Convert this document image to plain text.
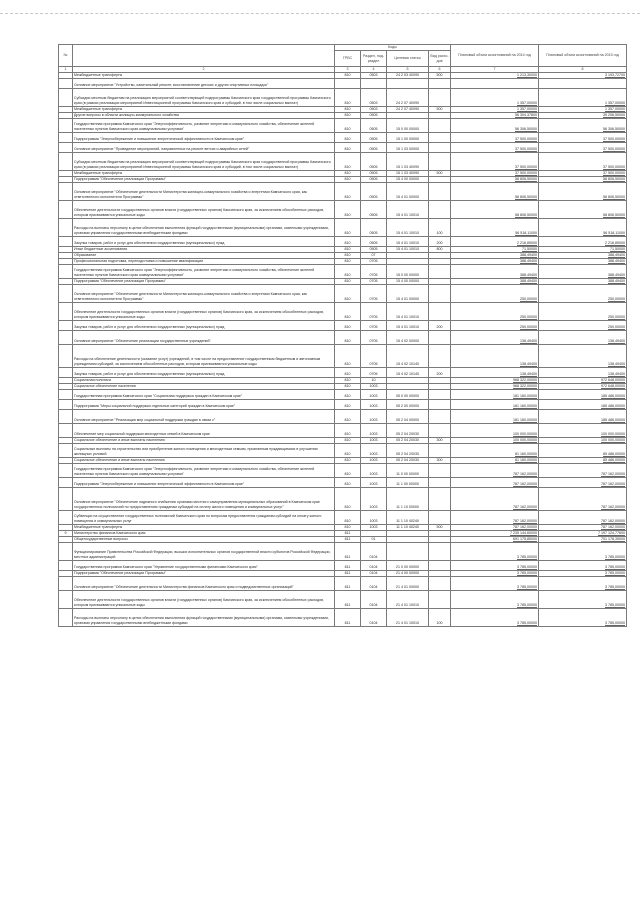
№		Коды				Плановый объем ассигнований на 2014 год	Плановый объем ассигнований на 2015 год
		ГРБС	Раздел, под-раздел	Целевая статья	Вид расхо-дов		
1	2	3	4	5	6	7	8
	Межбюджетные трансферты	810	0503	24 2 03 40090	500	1 213,30000	3 193,72700
	Основное мероприятие "Устройство, капитальный ремонт, восстановление детских и других спортивных площадок"						
	Субсидии местным бюджетам на реализацию мероприятий соответствующей подпрограммы Камчатского края государственной программы Камчатского края (в рамках реализации мероприятий Инвестиционной программы Камчатского края и субсидий, в том числе социальных выплат)	810	0503	24 2 07 40090		1 357,00000	1 357,00000
	Межбюджетные трансферты	810	0503	24 2 07 40090	500	1 357,00000	1 357,00000
	Другие вопросы в области жилищно-коммунального хозяйства	810	0505			56 304,37800	39 206,50000
	Государственная программа Камчатского края "Энергоэффективность, развитие энергетики и коммунального хозяйства, обеспечение жителей населенных пунктов Камчатского края коммунальными услугами"	810	0505	15 0 00 00000		56 306,50000	56 306,50000
	Подпрограмма "Энергосбережение и повышение энергетической эффективности в Камчатском крае"	810	0505	15 1 00 00000		37 500,00000	37 500,00000
	Основное мероприятие "Проведение мероприятий, направленных на ремонт ветхих и аварийных сетей"	810	0505	15 1 03 00000		37 500,00000	37 500,00000
	Субсидии местным бюджетам на реализацию мероприятий соответствующей подпрограммы Камчатского края государственной программы Камчатского края (в рамках реализации мероприятий Инвестиционной программы Камчатского края и субсидий, в том числе социальных выплат)	810	0505	15 1 03 40090		37 500,00000	37 500,00000
	Межбюджетные трансферты	810	0505	15 1 03 40090	500	37 500,00000	37 500,00000
	Подпрограмма "Обеспечение реализации Программы"	810	0505	15 4 00 00000		58 806,50000	58 806,50000
	Основное мероприятие "Обеспечение деятельности Министерства жилищно-коммунального хозяйства и энергетики Камчатского края, как ответственного исполнителя Программы"	810	0505	15 4 01 00000		58 806,50000	58 806,50000
	Обеспечение деятельности государственных органов власти (государственных органов) Камчатского края, за исключением обособленных расходов, которым присваиваются уникальные коды	810	0505	15 4 01 10010		58 806,50000	58 806,50000
	Расходы на выплаты персоналу в целях обеспечения выполнения функций государственными (муниципальными) органами, казенными учреждениями, органами управления государственными внебюджетными фондами	810	0505	15 4 01 10010	100	56 518,11000	56 518,11000
	Закупка товаров, работ и услуг для обеспечения государственных (муниципальных) нужд	810	0505	15 4 01 10010	200	2 216,89000	2 216,89000
	Иные бюджетные ассигнования	810	0505	15 4 01 10010	800	71,50000	71,50000
	Образование	810	07			388,49400	388,49400
	Профессиональная подготовка, переподготовка и повышение квалификации	810	0705			388,49400	388,49400
	Государственная программа Камчатского края "Энергоэффективность, развитие энергетики и коммунального хозяйства, обеспечение жителей населенных пунктов Камчатского края коммунальными услугами"	810	0705	15 0 00 00000		388,49400	388,49400
	Подпрограмма "Обеспечение реализации Программы"	810	0705	15 4 00 00000		388,49400	388,49400
	Основное мероприятие "Обеспечение деятельности Министерства жилищно-коммунального хозяйства и энергетики Камчатского края, как ответственного исполнителя Программы"	810	0705	15 4 01 00000		250,00000	250,00000
	Обеспечение деятельности государственных органов власти (государственных органов) Камчатского края, за исключением обособленных расходов, которым присваиваются уникальные коды	810	0705	15 4 01 10010		250,00000	250,00000
	Закупка товаров, работ и услуг для обеспечения государственных (муниципальных) нужд	810	0705	15 4 01 10010	200	250,00000	250,00000
	Основное мероприятие "Обеспечение реализации государственных учреждений"	810	0705	15 4 02 00000		138,49400	138,49400
	Расходы на обеспечение деятельности (оказание услуг) учреждений, в том числе на предоставление государственным бюджетным и автономным учреждениям субсидий, за исключением обособленных расходов, которым присваиваются уникальные коды	810	0705	15 4 02 10140		138,49400	138,49400
	Закупка товаров, работ и услуг для обеспечения государственных (муниципальных) нужд	810	0705	15 4 02 10140	200	138,49400	138,49400
	Социальная политика	810	10			968 322,00000	972 648,00000
	Социальное обеспечение населения	810	1003			968 322,00000	972 648,00000
	Государственная программа Камчатского края "Социальная поддержка граждан в Камчатском крае"	810	1003	05 0 00 00000		181 160,00000	185 486,00000
	Подпрограмма "Меры социальной поддержки отдельных категорий граждан в Камчатском крае"	810	1003	05 2 00 00000		181 160,00000	185 486,00000
	Основное мероприятие "Реализация мер социальной поддержки граждан в связи с"	810	1003	05 2 04 00000		181 160,00000	185 486,00000
	Обеспечение мер социальной поддержки многодетных семей в Камчатском крае	810	1003	05 2 04 20030		100 000,00000	100 000,00000
	Социальное обеспечение и иные выплаты населению	810	1003	05 2 04 20030	300	100 000,00000	100 000,00000
	Социальные выплаты на строительство или приобретение жилого помещения и многодетным семьям, признанным нуждающимися в улучшении жилищных условий	810	1003	05 2 04 20030		81 160,00000	85 486,00000
	Социальное обеспечение и иные выплаты населению	810	1003	05 2 04 20030	300	81 160,00000	85 486,00000
	Государственная программа Камчатского края "Энергоэффективность, развитие энергетики и коммунального хозяйства, обеспечение жителей населенных пунктов Камчатского края коммунальными услугами"	810	1003	11 0 00 00000		787 162,00000	787 162,00000
	Подпрограмма "Энергосбережение и повышение энергетической эффективности в Камчатском крае"	810	1003	11 1 00 00000		787 162,00000	787 162,00000
	Основное мероприятие "Обеспечение надежного снабжения органами местного самоуправления муниципальных образований в Камчатском крае государственных полномочий по предоставлению гражданам субсидий на оплату жилого помещения и коммунальных услуг"	810	1003	11 1 10 00000		787 162,00000	787 162,00000
	Субвенции на осуществление государственных полномочий Камчатского края по вопросам предоставления гражданам субсидий на оплату жилого помещения и коммунальных услуг	810	1003	11 1 10 40240		787 162,00000	787 162,00000
	Межбюджетные трансферты	810	1003	11 1 10 40240	500	787 162,00000	787 162,00000
9	Министерство финансов Камчатского края	811				7 235 144,60000	7 197 124,77600
	Общегосударственные вопросы	811	01			691 175,85000	701 178,39000
	Функционирование Правительства Российской Федерации, высших исполнительных органов государственной власти субъектов Российской Федерации, местных администраций	811	0104			3 785,00000	3 785,00000
	Государственная программа Камчатского края "Управление государственными финансами Камчатского края"	811	0104	21 0 00 00000		3 785,00000	3 785,00000
	Подпрограмма "Обеспечение реализации Программы"	811	0104	21 4 00 00000		3 785,00000	3 785,00000
	Основное мероприятие "Обеспечение деятельности Министерства финансов Камчатского края и подведомственных организаций"	811	0104	21 4 01 00000		3 785,00000	3 785,00000
	Обеспечение деятельности государственных органов власти (государственных органов) Камчатского края, за исключением обособленных расходов, которым присваиваются уникальные коды	811	0104	21 4 01 10010		3 785,00000	3 785,00000
	Расходы на выплаты персоналу в целях обеспечения выполнения функций государственными (муниципальными) органами, казенными учреждениями, органами управления государственными внебюджетными фондами	811	0104	21 4 01 10010	100	3 785,00000	3 785,00000
